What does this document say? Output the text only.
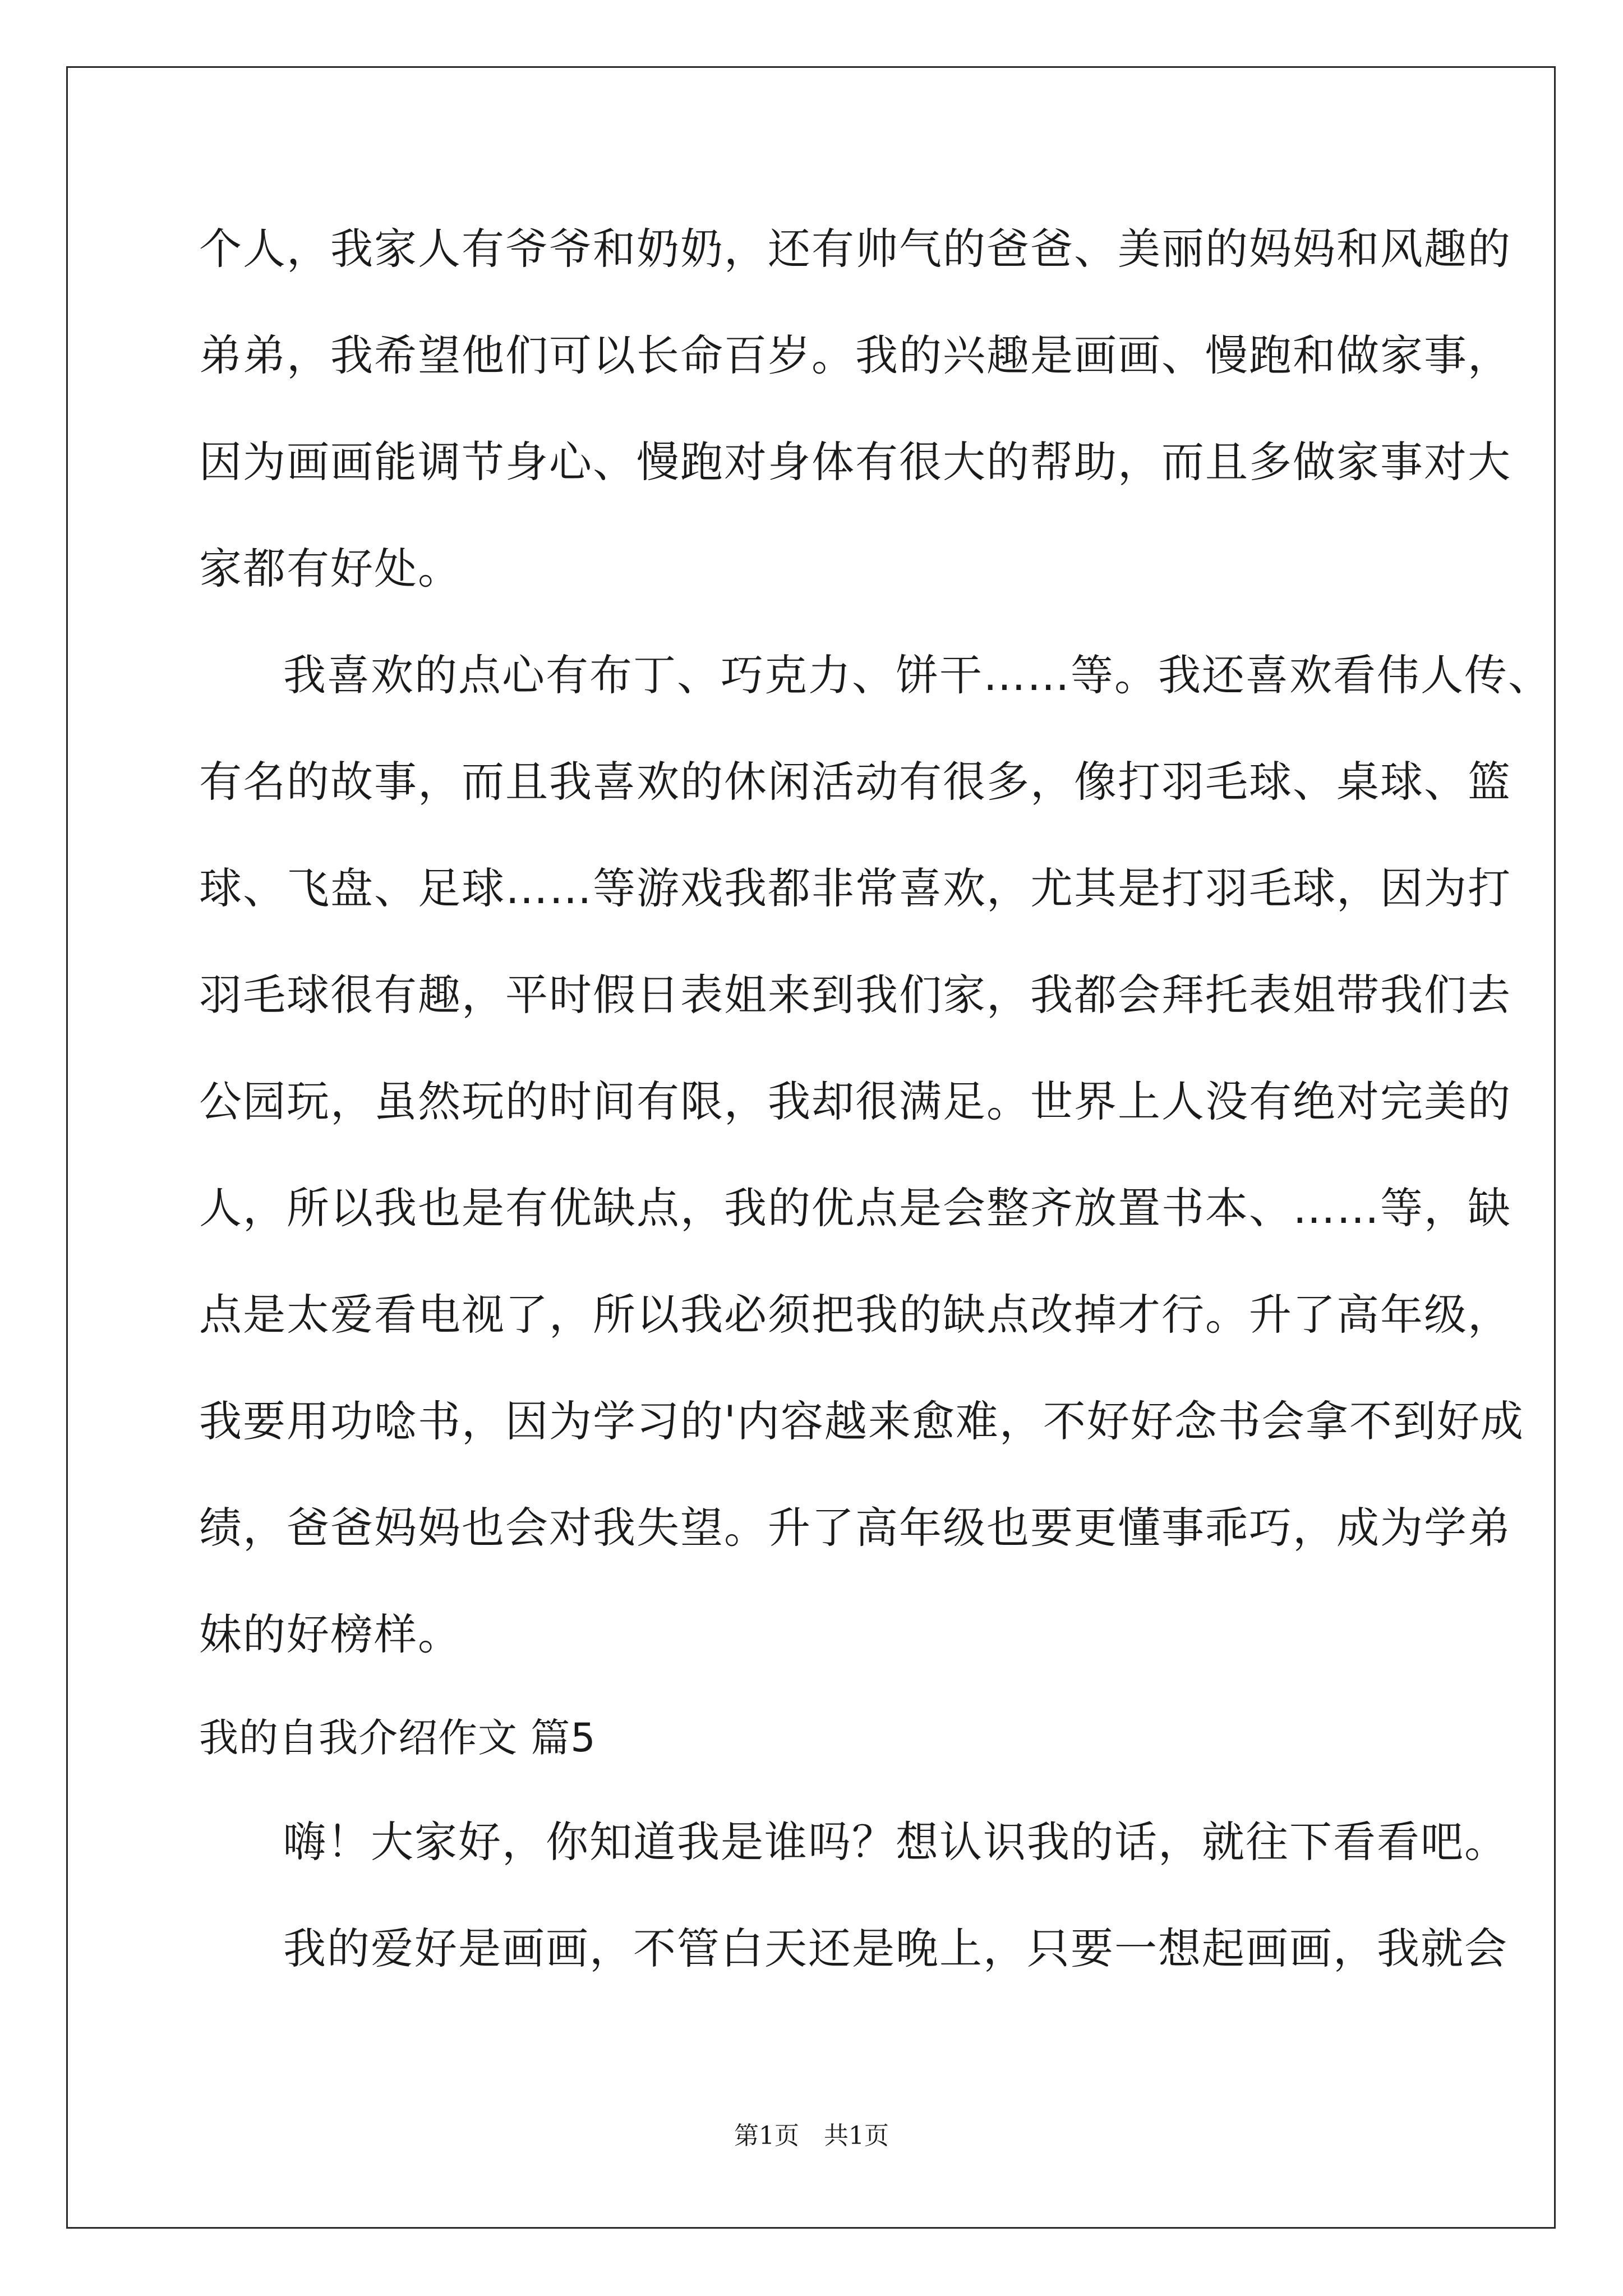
个人，我家人有爷爷和奶奶，还有帅气的爸爸、美丽的妈妈和风趣的
弟弟，我希望他们可以长命百岁。我的兴趣是画画、慢跑和做家事，
因为画画能调节身心、慢跑对身体有很大的帮助，而且多做家事对大
家都有好处。
我喜欢的点心有布丁、巧克力、饼干……等。我还喜欢看伟人传、
有名的故事，而且我喜欢的休闲活动有很多，像打羽毛球、桌球、篮
球、飞盘、足球……等游戏我都非常喜欢，尤其是打羽毛球，因为打
羽毛球很有趣，平时假日表姐来到我们家，我都会拜托表姐带我们去
公园玩，虽然玩的时间有限，我却很满足。世界上人没有绝对完美的
人，所以我也是有优缺点，我的优点是会整齐放置书本、……等，缺
点是太爱看电视了，所以我必须把我的缺点改掉才行。升了高年级，
我要用功唸书，因为学习的'内容越来愈难，不好好念书会拿不到好成
绩，爸爸妈妈也会对我失望。升了高年级也要更懂事乖巧，成为学弟
妹的好榜样。
我的自我介绍作文 篇5
嗨！大家好，你知道我是谁吗？想认识我的话，就往下看看吧。
我的爱好是画画，不管白天还是晚上，只要一想起画画，我就会
第1页　共1页
